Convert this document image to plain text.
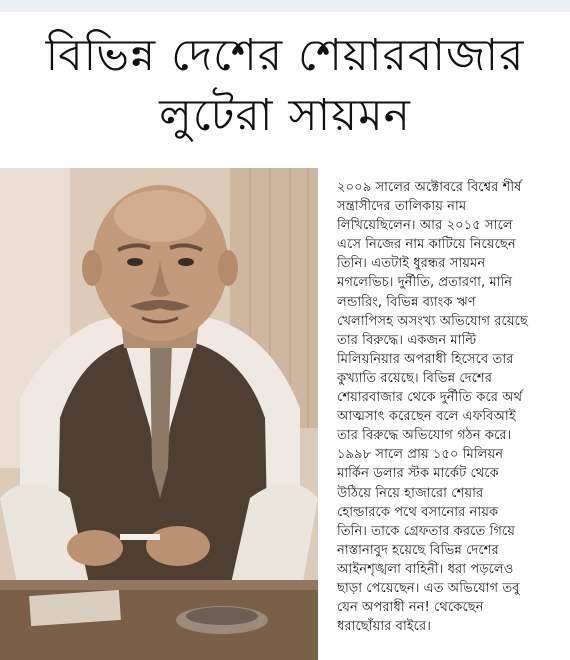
বিভিন্ন দেশের শেয়ারবাজার
লুটেরা সায়মন
২০০৯ সালের অক্টোবরে বিশ্বের শীর্ষ
সন্ত্রাসীদের তালিকায় নাম
লিখিয়েছিলেন। আর ২০১৫ সালে
এসে নিজের নাম কাটিয়ে নিয়েছেন
তিনি। এতটাই ধুরন্ধর সায়মন
মগলেভিচ। দুর্নীতি, প্রতারণা, মানি
লন্ডারিং, বিভিন্ন ব্যাংক ঋণ
খেলাপিসহ অসংখ্য অভিযোগ রয়েছে
তার বিরুদ্ধে। একজন মাল্টি
মিলিয়নিয়ার অপরাধী হিসেবে তার
কুখ্যাতি রয়েছে। বিভিন্ন দেশের
শেয়ারবাজার থেকে দুর্নীতি করে অর্থ
আত্মসাৎ করেছেন বলে এফবিআই
তার বিরুদ্ধে অভিযোগ গঠন করে।
১৯৯৮ সালে প্রায় ১৫০ মিলিয়ন
মার্কিন ডলার স্টক মার্কেট থেকে
উঠিয়ে নিয়ে হাজারো শেয়ার
হোল্ডারকে পথে বসানোর নায়ক
তিনি। তাকে গ্রেফতার করতে গিয়ে
নাস্তানাবুদ হয়েছে বিভিন্ন দেশের
আইনশৃঙ্খলা বাহিনী। ধরা পড়লেও
ছাড়া পেয়েছেন। এত অভিযোগ তবু
যেন অপরাধী নন! থেকেছেন
ধরাছোঁয়ার বাইরে।
